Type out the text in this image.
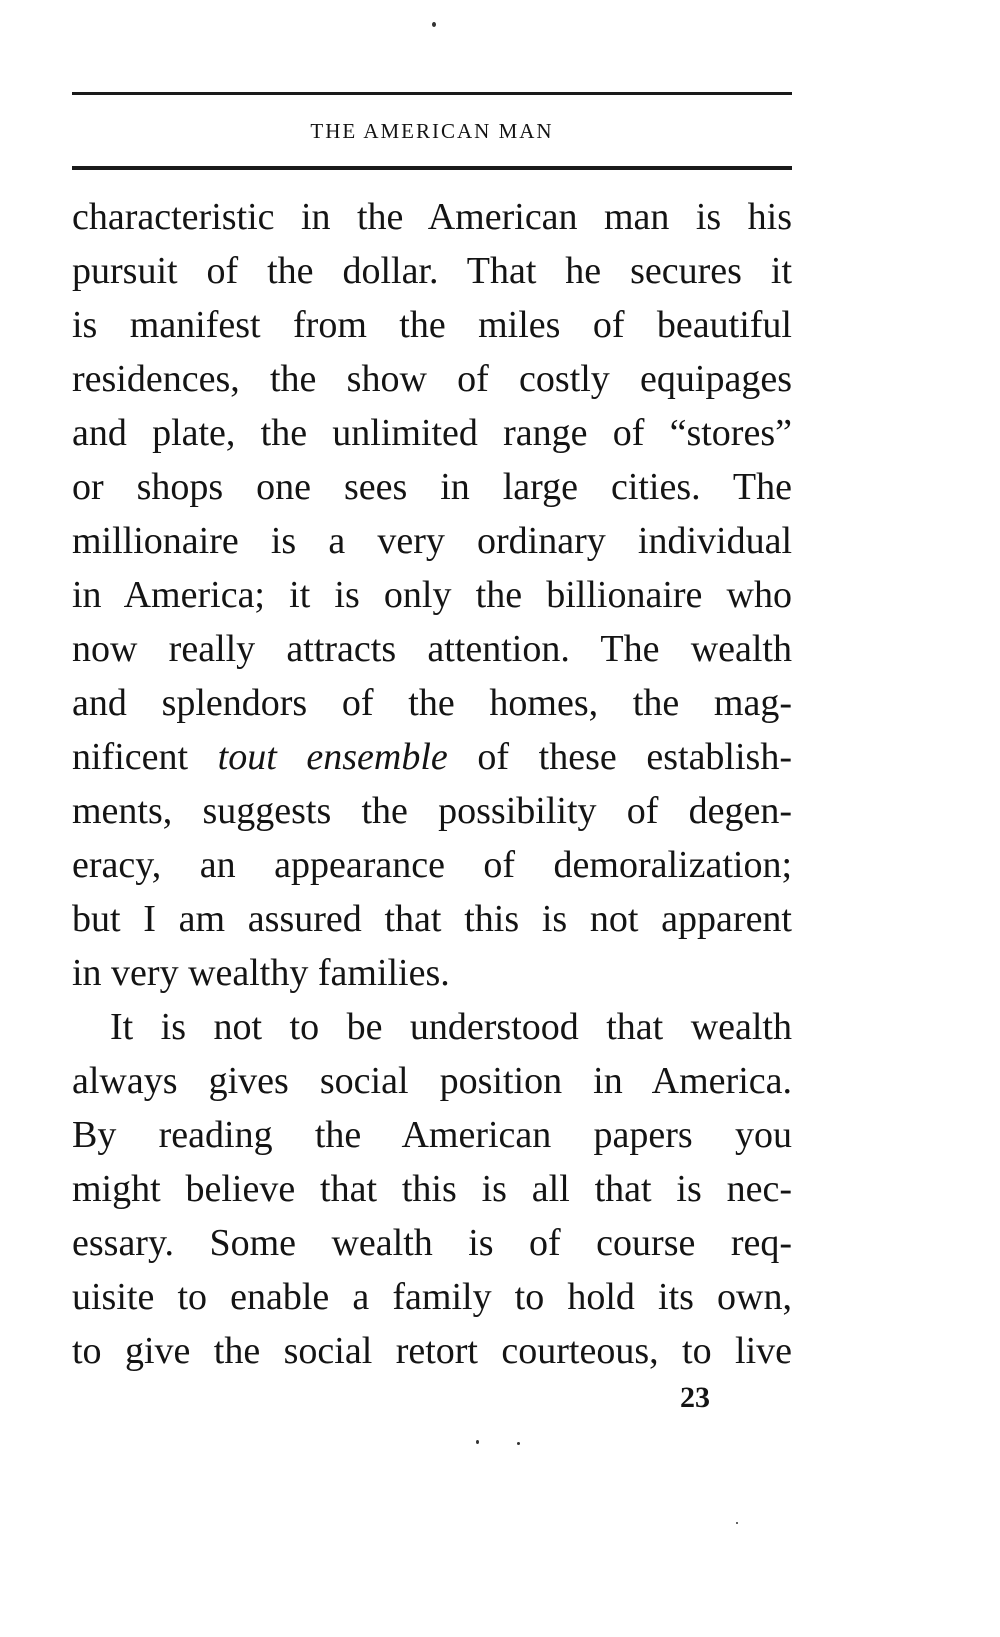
THE AMERICAN MAN
characteristic in the American man is his
pursuit of the dollar. That he secures it
is manifest from the miles of beautiful
residences, the show of costly equipages
and plate, the unlimited range of “stores”
or shops one sees in large cities. The
millionaire is a very ordinary individual
in America; it is only the billionaire who
now really attracts attention. The wealth
and splendors of the homes, the mag-
nificent tout ensemble of these establish-
ments, suggests the possibility of degen-
eracy, an appearance of demoralization;
but I am assured that this is not apparent
in very wealthy families.
It is not to be understood that wealth
always gives social position in America.
By reading the American papers you
might believe that this is all that is nec-
essary. Some wealth is of course req-
uisite to enable a family to hold its own,
to give the social retort courteous, to live
23
